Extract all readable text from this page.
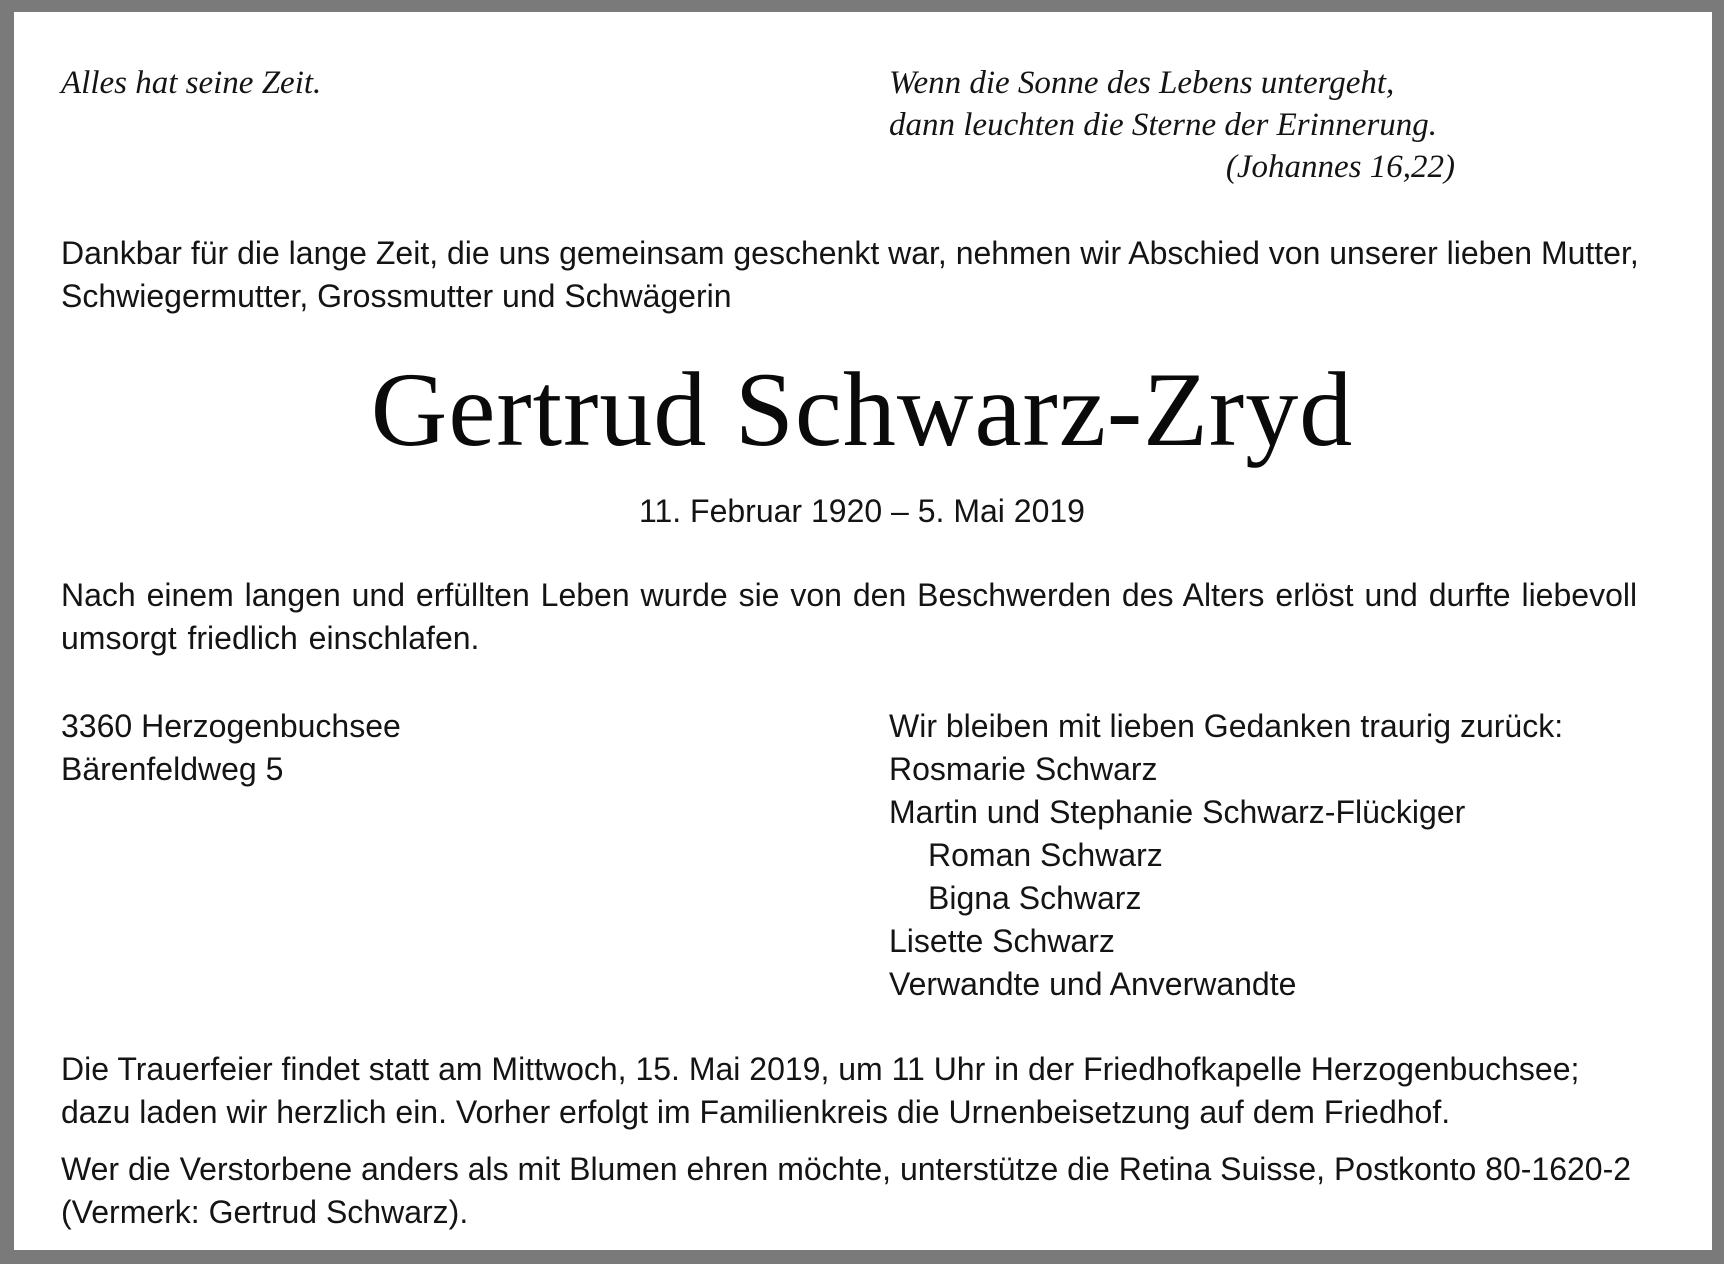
Alles hat seine Zeit.	Wenn die Sonne des Lebens untergeht,
dann leuchten die Sterne der Erinnerung.
(Johannes 16,22)
Dankbar für die lange Zeit, die uns gemeinsam geschenkt war, nehmen wir Abschied von unserer lieben Mutter,
Schwiegermutter, Grossmutter und Schwägerin
Gertrud Schwarz-Zryd
11. Februar 1920 – 5. Mai 2019
Nach einem langen und erfüllten Leben wurde sie von den Beschwerden des Alters erlöst und durfte liebevoll
umsorgt friedlich einschlafen.
3360 Herzogenbuchsee
Bärenfeldweg 5
Wir bleiben mit lieben Gedanken traurig zurück:
Rosmarie Schwarz
Martin und Stephanie Schwarz-Flückiger
Roman Schwarz
Bigna Schwarz
Lisette Schwarz
Verwandte und Anverwandte
Die Trauerfeier findet statt am Mittwoch, 15. Mai 2019, um 11 Uhr in der Friedhofkapelle Herzogenbuchsee;
dazu laden wir herzlich ein. Vorher erfolgt im Familienkreis die Urnenbeisetzung auf dem Friedhof.
Wer die Verstorbene anders als mit Blumen ehren möchte, unterstütze die Retina Suisse, Postkonto 80-1620-2
(Vermerk: Gertrud Schwarz).
